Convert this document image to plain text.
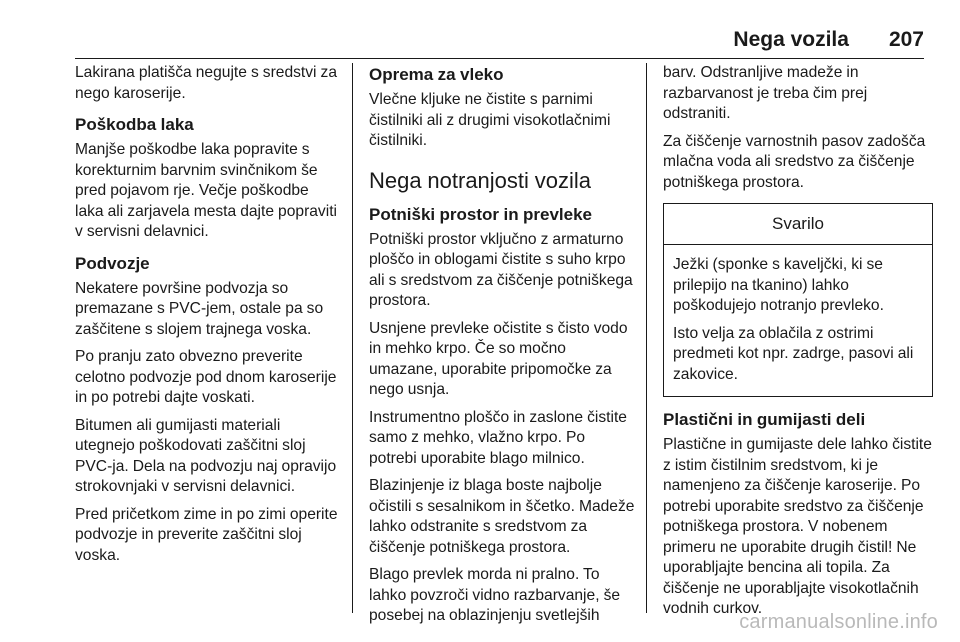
Nega vozila 207

Lakirana platišča negujte s sredstvi za nego karoserije.

Poškodba laka

Manjše poškodbe laka popravite s korekturnim barvnim svinčnikom še pred pojavom rje. Večje poškodbe laka ali zarjavela mesta dajte popraviti v servisni delavnici.

Podvozje

Nekatere površine podvozja so premazane s PVC-jem, ostale pa so zaščitene s slojem trajnega voska.

Po pranju zato obvezno preverite celotno podvozje pod dnom karoserije in po potrebi dajte voskati.

Bitumen ali gumijasti materiali utegnejo poškodovati zaščitni sloj PVC-ja. Dela na podvozju naj opravijo strokovnjaki v servisni delavnici.

Pred pričetkom zime in po zimi operite podvozje in preverite zaščitni sloj voska.

Oprema za vleko

Vlečne kljuke ne čistite s parnimi čistilniki ali z drugimi visokotlačnimi čistilniki.

Nega notranjosti vozila
Potniški prostor in prevleke

Potniški prostor vključno z armaturno ploščo in oblogami čistite s suho krpo ali s sredstvom za čiščenje potniškega prostora.

Usnjene prevleke očistite s čisto vodo in mehko krpo. Če so močno umazane, uporabite pripomočke za nego usnja.

Instrumentno ploščo in zaslone čistite samo z mehko, vlažno krpo. Po potrebi uporabite blago milnico.

Blazinjenje iz blaga boste najbolje očistili s sesalnikom in ščetko. Madeže lahko odstranite s sredstvom za čiščenje potniškega prostora.

Blago prevlek morda ni pralno. To lahko povzroči vidno razbarvanje, še posebej na oblazinjenju svetlejših

barv. Odstranljive madeže in razbarvanost je treba čim prej odstraniti.

Za čiščenje varnostnih pasov zadošča mlačna voda ali sredstvo za čiščenje potniškega prostora.

Svarilo

Ježki (sponke s kaveljčki, ki se prilepijo na tkanino) lahko poškodujejo notranjo prevleko.

Isto velja za oblačila z ostrimi predmeti kot npr. zadrge, pasovi ali zakovice.

Plastični in gumijasti deli

Plastične in gumijaste dele lahko čistite z istim čistilnim sredstvom, ki je namenjeno za čiščenje karoserije. Po potrebi uporabite sredstvo za čiščenje potniškega prostora. V nobenem primeru ne uporabite drugih čistil! Ne uporabljajte bencina ali topila. Za čiščenje ne uporabljajte visokotlačnih vodnih curkov.

carmanualsonline.info
